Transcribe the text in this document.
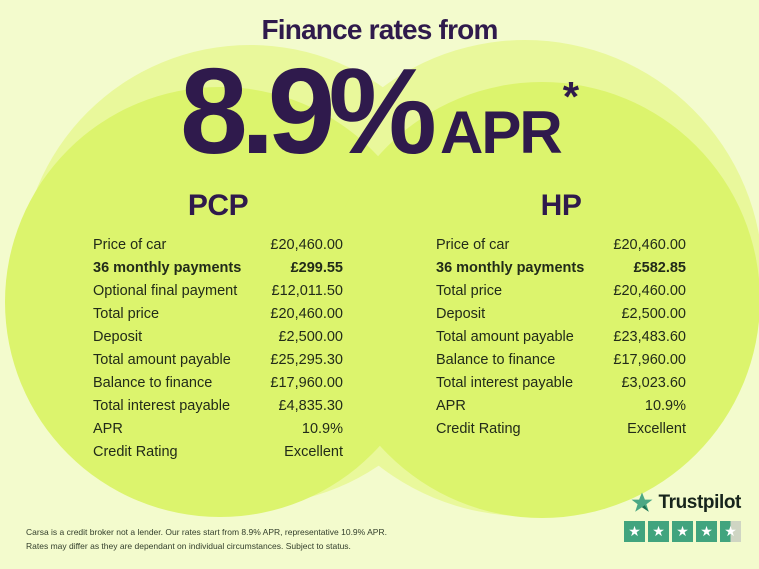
Finance rates from
8.9% APR
*
PCP
Price of car	£20,460.00
36 monthly payments	£299.55
Optional final payment £12,011.50
Total price	£20,460.00
Deposit	£2,500.00
Total amount payable	£25,295.30
Balance to finance	£17,960.00
Total interest payable	£4,835.30
APR	10.9%
Credit Rating	Excellent
HP
Price of car	£20,460.00
36 monthly payments	£582.85
Total price	£20,460.00
Deposit	£2,500.00
Total amount payable	£23,483.60
Balance to finance	£17,960.00
Total interest payable	£3,023.60
APR	10.9%
Credit Rating	Excellent
Carsa is a credit broker not a lender. Our rates start from 8.9% APR, representative 10.9% APR.
Rates may differ as they are dependant on individual circumstances. Subject to status.
Trustpilot
★ ★ ★ ★ ★
